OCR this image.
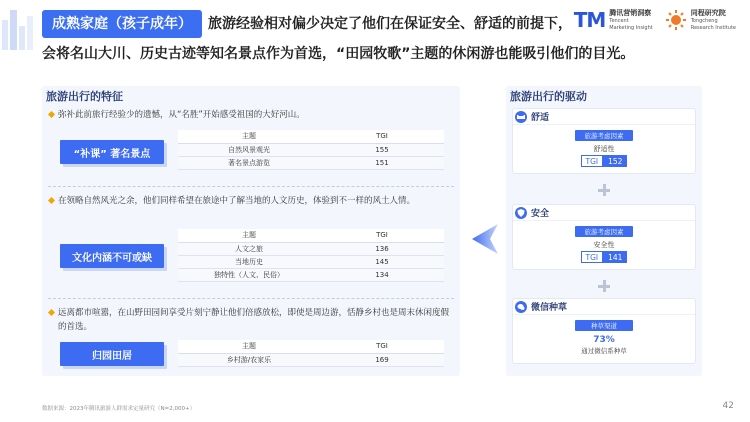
成熟家庭（孩子成年） 旅游经验相对偏少决定了他们在保证安全、舒适的前提下，
会将名山大川、历史古迹等知名景点作为首选，“田园牧歌”主题的休闲游也能吸引他们的目光。
TM 腾讯营销洞察
Tencent
Marketing Insight
同程研究院
Tongcheng
Research Institute
旅游出行的特征
弥补此前旅行经验少的遗憾，从“名胜”开始感受祖国的大好河山。
“补课” 著名景点
主题	TGI
自然风景观光	155
著名景点游览	151
在领略自然风光之余，他们同样希望在旅途中了解当地的人文历史，体验到不一样的风土人情。
文化内涵不可或缺
主题	TGI
人文之旅	136
当地历史	145
独特性（人文、民俗）	134
远离都市喧嚣，在山野田园间享受片刻宁静让他们倍感放松，即使是周边游，恬静乡村也是周末休闲度假的首选。
归园田居
主题	TGI
乡村游/农家乐	169
旅游出行的驱动
舒适
旅游考虑因素
舒适性
TGI	152
安全
旅游考虑因素
安全性
TGI	141
微信种草
种草渠道
73%
通过微信系种草
数据来源：2023年腾讯旅游人群需求定量研究（N=2,000+）	42
